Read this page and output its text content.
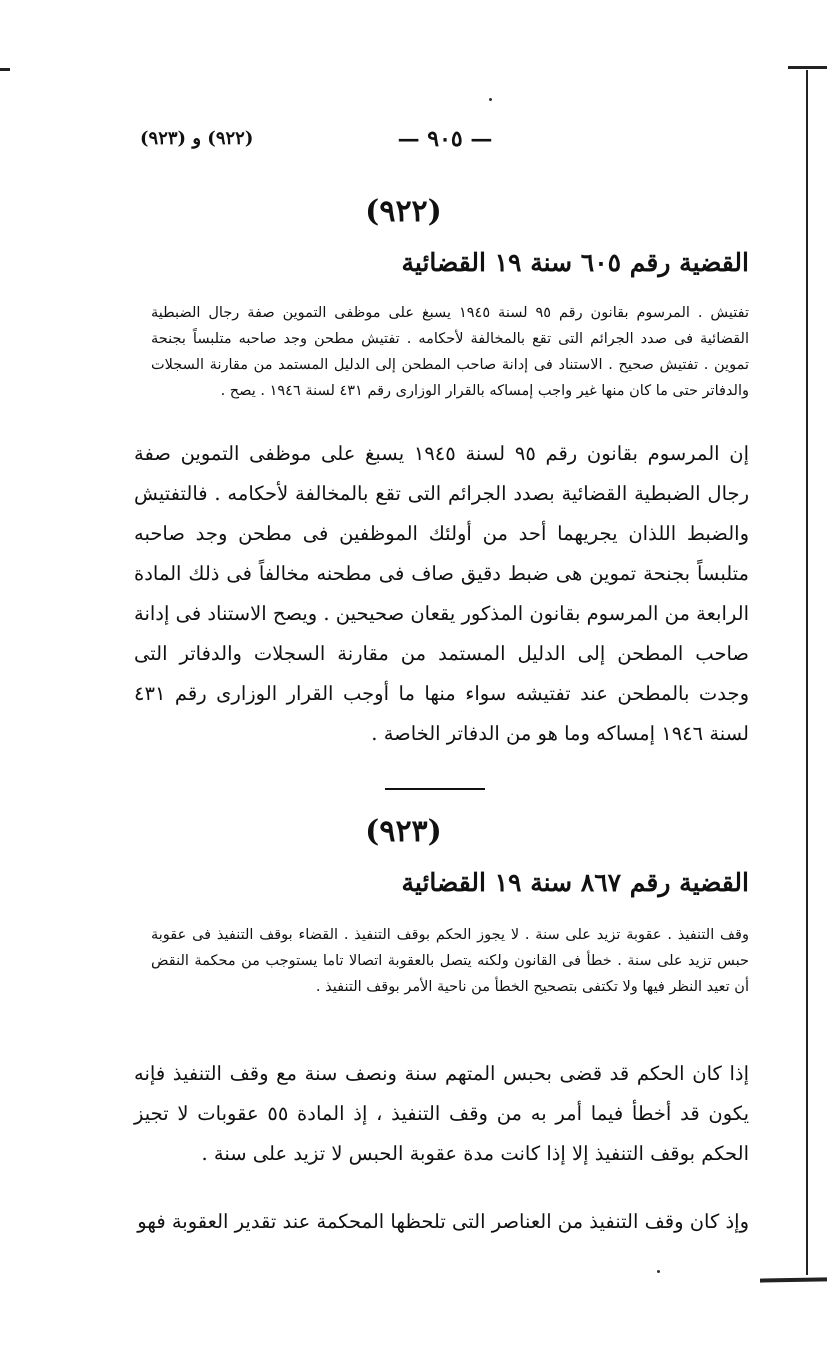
(٩٢٢) و (٩٢٣)	— ٩٠٥ —
(٩٢٢)
القضية رقم ٦٠٥ سنة ١٩ القضائية
تفتيش . المرسوم بقانون رقم ٩٥ لسنة ١٩٤٥ يسبغ على موظفى التموين صفة رجال الضبطية القضائية فى صدد الجرائم التى تقع بالمخالفة لأحكامه . تفتيش مطحن وجد صاحبه متلبساً بجنحة تموين . تفتيش صحيح . الاستناد فى إدانة صاحب المطحن إلى الدليل المستمد من مقارنة السجلات والدفاتر حتى ما كان منها غير واجب إمساكه بالقرار الوزارى رقم ٤٣١ لسنة ١٩٤٦ . يصح .
إن المرسوم بقانون رقم ٩٥ لسنة ١٩٤٥ يسبغ على موظفى التموين صفة رجال الضبطية القضائية بصدد الجرائم التى تقع بالمخالفة لأحكامه . فالتفتيش والضبط اللذان يجريهما أحد من أولئك الموظفين فى مطحن وجد صاحبه متلبساً بجنحة تموين هى ضبط دقيق صاف فى مطحنه مخالفاً فى ذلك المادة الرابعة من المرسوم بقانون المذكور يقعان صحيحين . ويصح الاستناد فى إدانة صاحب المطحن إلى الدليل المستمد من مقارنة السجلات والدفاتر التى وجدت بالمطحن عند تفتيشه سواء منها ما أوجب القرار الوزارى رقم ٤٣١ لسنة ١٩٤٦ إمساكه وما هو من الدفاتر الخاصة .
(٩٢٣)
القضية رقم ٨٦٧ سنة ١٩ القضائية
وقف التنفيذ . عقوبة تزيد على سنة . لا يجوز الحكم بوقف التنفيذ . القضاء بوقف التنفيذ فى عقوبة حبس تزيد على سنة . خطأ فى القانون ولكنه يتصل بالعقوبة اتصالا تاما يستوجب من محكمة النقض أن تعيد النظر فيها ولا تكتفى بتصحيح الخطأ من ناحية الأمر بوقف التنفيذ .
إذا كان الحكم قد قضى بحبس المتهم سنة ونصف سنة مع وقف التنفيذ فإنه يكون قد أخطأ فيما أمر به من وقف التنفيذ ، إذ المادة ٥٥ عقوبات لا تجيز الحكم بوقف التنفيذ إلا إذا كانت مدة عقوبة الحبس لا تزيد على سنة .
وإذ كان وقف التنفيذ من العناصر التى تلحظها المحكمة عند تقدير العقوبة فهو
